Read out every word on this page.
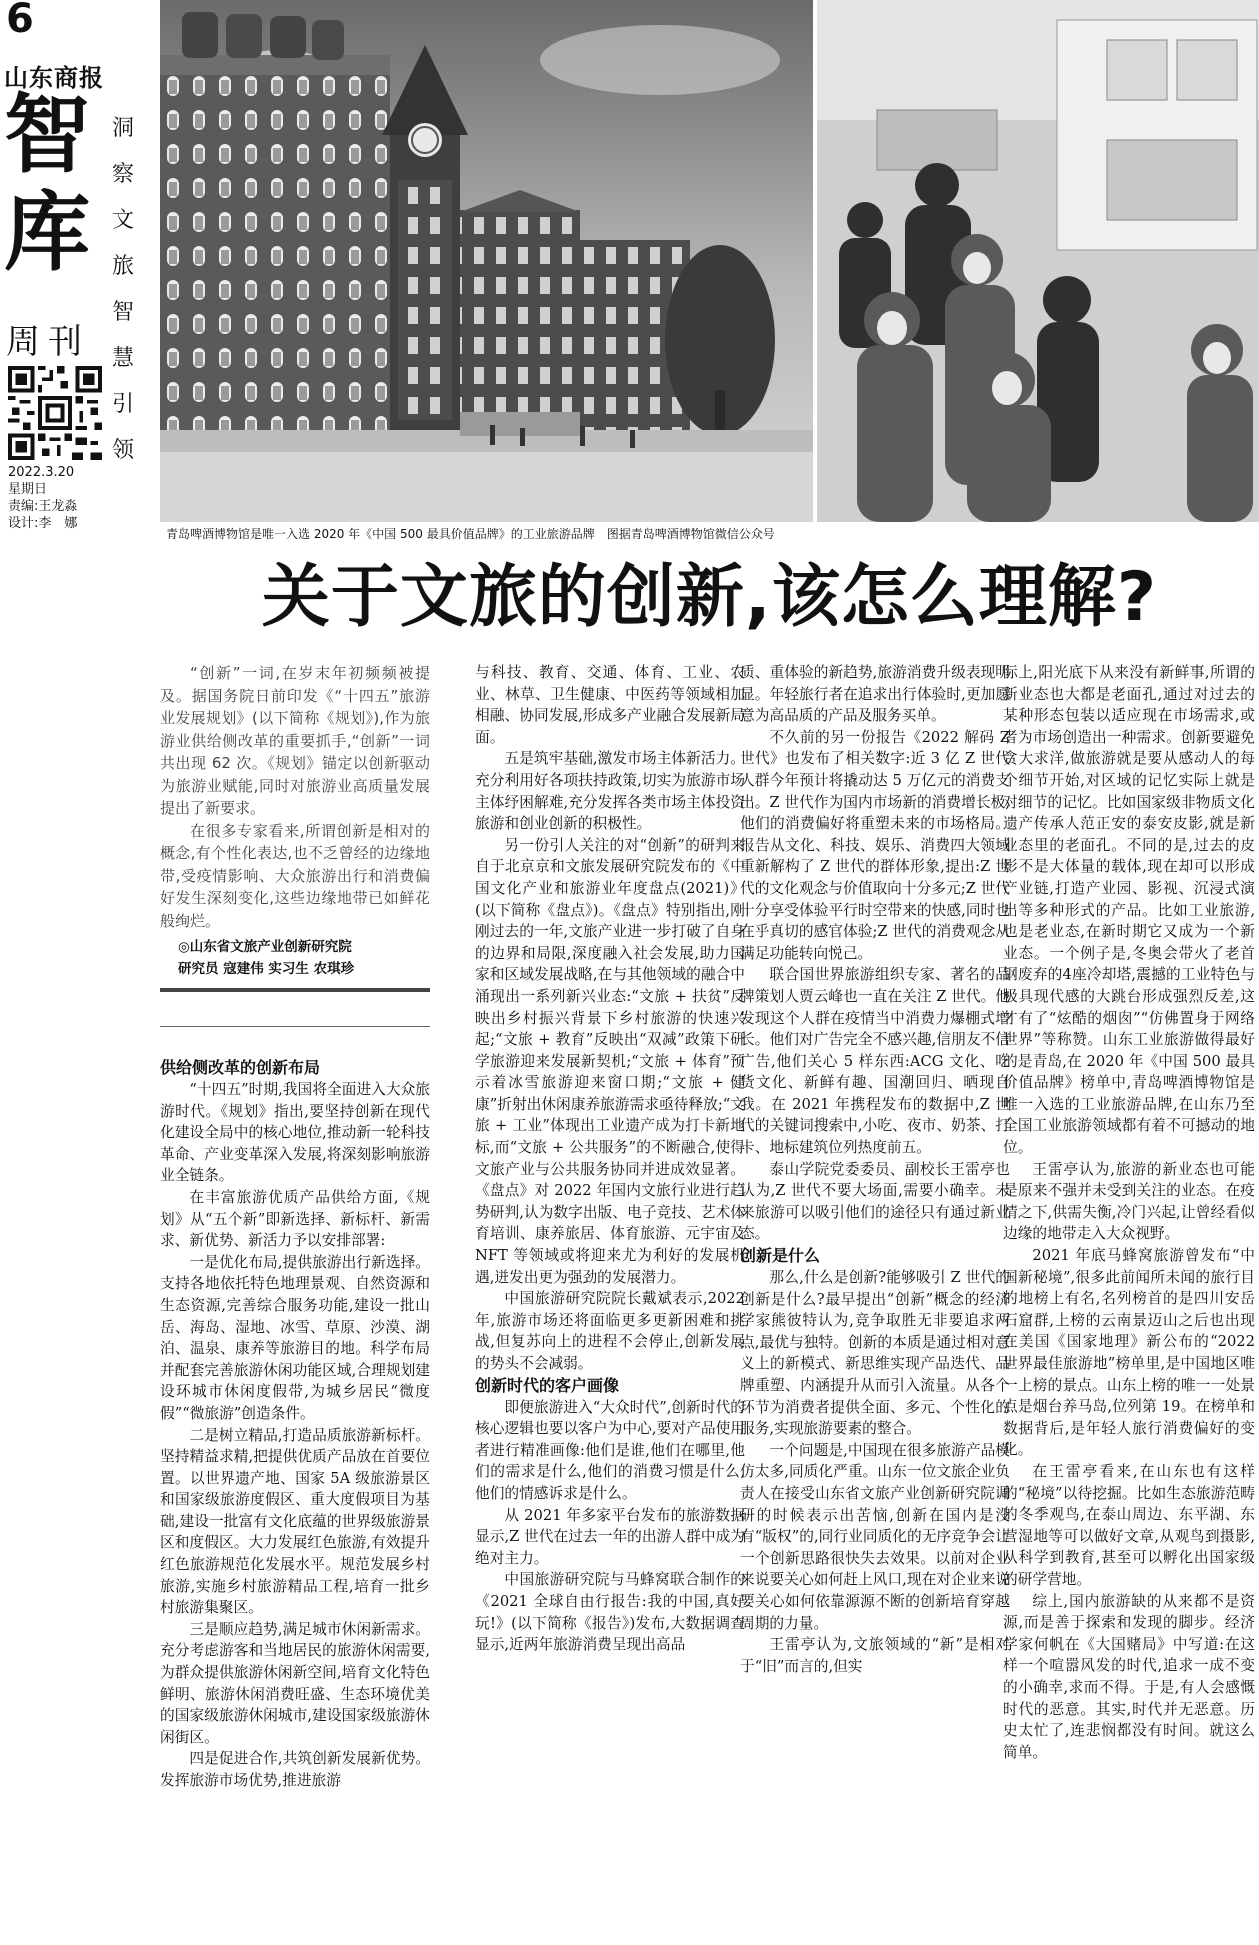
6
山东商报
智
库
洞
察
文
旅
智
慧
引
领
周刊
2022.3.20
星期日
责编:王龙淼
设计:李　娜
青岛啤酒博物馆是唯一入选 2020 年《中国 500 最具价值品牌》的工业旅游品牌　图据青岛啤酒博物馆微信公众号
关于文旅的创新,该怎么理解?

“创新”一词,在岁末年初频频被提及。据国务院日前印发《“十四五”旅游业发展规划》(以下简称《规划》),作为旅游业供给侧改革的重要抓手,“创新”一词共出现 62 次。《规划》锚定以创新驱动为旅游业赋能,同时对旅游业高质量发展提出了新要求。

在很多专家看来,所谓创新是相对的概念,有个性化表达,也不乏曾经的边缘地带,受疫情影响、大众旅游出行和消费偏好发生深刻变化,这些边缘地带已如鲜花般绚烂。

◎山东省文旅产业创新研究院
研究员 寇建伟 实习生 农琪珍

供给侧改革的创新布局

“十四五”时期,我国将全面进入大众旅游时代。《规划》指出,要坚持创新在现代化建设全局中的核心地位,推动新一轮科技革命、产业变革深入发展,将深刻影响旅游业全链条。

在丰富旅游优质产品供给方面,《规划》从“五个新”即新选择、新标杆、新需求、新优势、新活力予以安排部署:

一是优化布局,提供旅游出行新选择。支持各地依托特色地理景观、自然资源和生态资源,完善综合服务功能,建设一批山岳、海岛、湿地、冰雪、草原、沙漠、湖泊、温泉、康养等旅游目的地。科学布局并配套完善旅游休闲功能区域,合理规划建设环城市休闲度假带,为城乡居民“微度假”“微旅游”创造条件。

二是树立精品,打造品质旅游新标杆。坚持精益求精,把提供优质产品放在首要位置。以世界遗产地、国家 5A 级旅游景区和国家级旅游度假区、重大度假项目为基础,建设一批富有文化底蕴的世界级旅游景区和度假区。大力发展红色旅游,有效提升红色旅游规范化发展水平。规范发展乡村旅游,实施乡村旅游精品工程,培育一批乡村旅游集聚区。

三是顺应趋势,满足城市休闲新需求。充分考虑游客和当地居民的旅游休闲需要,为群众提供旅游休闲新空间,培育文化特色鲜明、旅游休闲消费旺盛、生态环境优美的国家级旅游休闲城市,建设国家级旅游休闲街区。

四是促进合作,共筑创新发展新优势。发挥旅游市场优势,推进旅游

与科技、教育、交通、体育、工业、农业、林草、卫生健康、中医药等领域相加相融、协同发展,形成多产业融合发展新局面。

五是筑牢基础,激发市场主体新活力。充分利用好各项扶持政策,切实为旅游市场主体纾困解难,充分发挥各类市场主体投资旅游和创业创新的积极性。

另一份引人关注的对“创新”的研判来自于北京京和文旅发展研究院发布的《中国文化产业和旅游业年度盘点(2021)》(以下简称《盘点》)。《盘点》特别指出,刚刚过去的一年,文旅产业进一步打破了自身的边界和局限,深度融入社会发展,助力国家和区域发展战略,在与其他领域的融合中涌现出一系列新兴业态:“文旅 + 扶贫”反映出乡村振兴背景下乡村旅游的快速兴起;“文旅 + 教育”反映出“双减”政策下研学旅游迎来发展新契机;“文旅 + 体育”预示着冰雪旅游迎来窗口期;“文旅 + 健康”折射出休闲康养旅游需求亟待释放;“文旅 + 工业”体现出工业遗产成为打卡新地标,而“文旅 + 公共服务”的不断融合,使得文旅产业与公共服务协同并进成效显著。《盘点》对 2022 年国内文旅行业进行趋势研判,认为数字出版、电子竞技、艺术体育培训、康养旅居、体育旅游、元宇宙及 NFT 等领域或将迎来尤为利好的发展机遇,迸发出更为强劲的发展潜力。

中国旅游研究院院长戴斌表示,2022 年,旅游市场还将面临更多更新困难和挑战,但复苏向上的进程不会停止,创新发展的势头不会减弱。

创新时代的客户画像

即便旅游进入“大众时代”,创新时代的核心逻辑也要以客户为中心,要对产品使用者进行精准画像:他们是谁,他们在哪里,他们的需求是什么,他们的消费习惯是什么,他们的情感诉求是什么。

从 2021 年多家平台发布的旅游数据显示,Z 世代在过去一年的出游人群中成为绝对主力。

中国旅游研究院与马蜂窝联合制作的《2021 全球自由行报告:我的中国,真好玩!》(以下简称《报告》)发布,大数据调查显示,近两年旅游消费呈现出高品

质、重体验的新趋势,旅游消费升级表现明显。年轻旅行者在追求出行体验时,更加愿意为高品质的产品及服务买单。

不久前的另一份报告《2022 解码 Z 世代》也发布了相关数字:近 3 亿 Z 世代人群今年预计将撬动达 5 万亿元的消费支出。Z 世代作为国内市场新的消费增长极,他们的消费偏好将重塑未来的市场格局。报告从文化、科技、娱乐、消费四大领域重新解构了 Z 世代的群体形象,提出:Z 世代的文化观念与价值取向十分多元;Z 世代十分享受体验平行时空带来的快感,同时也在乎真切的感官体验;Z 世代的消费观念从满足功能转向悦己。

联合国世界旅游组织专家、著名的品牌策划人贾云峰也一直在关注 Z 世代。他发现这个人群在疫情当中消费力爆棚式增长。他们对广告完全不感兴趣,信朋友不信广告,他们关心 5 样东西:ACG 文化、吃货文化、新鲜有趣、国潮回归、晒现自我。在 2021 年携程发布的数据中,Z 世代的关键词搜索中,小吃、夜市、奶茶、打卡、地标建筑位列热度前五。

泰山学院党委委员、副校长王雷亭也认为,Z 世代不要大场面,需要小确幸。未来旅游可以吸引他们的途径只有通过新业态。

创新是什么

那么,什么是创新?能够吸引 Z 世代的创新是什么?最早提出“创新”概念的经济学家熊彼特认为,竞争取胜无非要追求两点,最优与独特。创新的本质是通过相对意义上的新模式、新思维实现产品迭代、品牌重塑、内涵提升从而引入流量。从各个环节为消费者提供全面、多元、个性化的服务,实现旅游要素的整合。

一个问题是,中国现在很多旅游产品模仿太多,同质化严重。山东一位文旅企业负责人在接受山东省文旅产业创新研究院调研的时候表示出苦恼,创新在国内是没有“版权”的,同行业同质化的无序竞争会让一个创新思路很快失去效果。以前对企业来说要关心如何赶上风口,现在对企业来说要关心如何依靠源源不断的创新培育穿越周期的力量。

王雷亭认为,文旅领域的“新”是相对于“旧”而言的,但实

际上,阳光底下从来没有新鲜事,所谓的新业态也大都是老面孔,通过对过去的某种形态包装以适应现在市场需求,或者为市场创造出一种需求。创新要避免贪大求洋,做旅游就是要从感动人的每个细节开始,对区域的记忆实际上就是对细节的记忆。比如国家级非物质文化遗产传承人范正安的泰安皮影,就是新业态里的老面孔。不同的是,过去的皮影不是大体量的载体,现在却可以形成产业链,打造产业园、影视、沉浸式演出等多种形式的产品。比如工业旅游,也是老业态,在新时期它又成为一个新业态。一个例子是,冬奥会带火了老首钢废弃的4座冷却塔,震撼的工业特色与极具现代感的大跳台形成强烈反差,这才有了“炫酷的烟囱”“仿佛置身于网络世界”等称赞。山东工业旅游做得最好的是青岛,在 2020 年《中国 500 最具价值品牌》榜单中,青岛啤酒博物馆是唯一入选的工业旅游品牌,在山东乃至全国工业旅游领域都有着不可撼动的地位。

王雷亭认为,旅游的新业态也可能是原来不强并未受到关注的业态。在疫情之下,供需失衡,冷门兴起,让曾经看似边缘的地带走入大众视野。

2021 年底马蜂窝旅游曾发布“中国新秘境”,很多此前闻所未闻的旅行目的地榜上有名,名列榜首的是四川安岳石窟群,上榜的云南景迈山之后也出现在美国《国家地理》新公布的“2022 世界最佳旅游地”榜单里,是中国地区唯一上榜的景点。山东上榜的唯一一处景点是烟台养马岛,位列第 19。在榜单和数据背后,是年轻人旅行消费偏好的变化。

在王雷亭看来,在山东也有这样的“秘境”以待挖掘。比如生态旅游范畴的冬季观鸟,在泰山周边、东平湖、东营湿地等可以做好文章,从观鸟到摄影,从科学到教育,甚至可以孵化出国家级的研学营地。

综上,国内旅游缺的从来都不是资源,而是善于探索和发现的脚步。经济学家何帆在《大国赌局》中写道:在这样一个喧嚣风发的时代,追求一成不变的小确幸,求而不得。于是,有人会感慨时代的恶意。其实,时代并无恶意。历史太忙了,连悲悯都没有时间。就这么简单。
